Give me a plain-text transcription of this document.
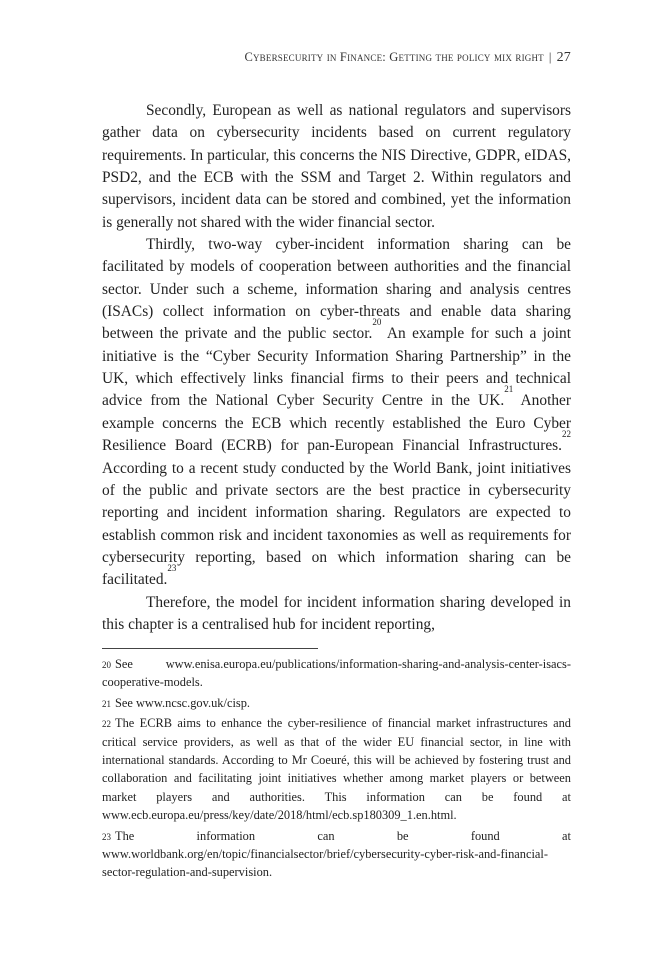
Cybersecurity in Finance: Getting the policy mix right | 27

Secondly, European as well as national regulators and supervisors gather data on cybersecurity incidents based on current regulatory requirements. In particular, this concerns the NIS Directive, GDPR, eIDAS, PSD2, and the ECB with the SSM and Target 2. Within regulators and supervisors, incident data can be stored and combined, yet the information is generally not shared with the wider financial sector.

Thirdly, two-way cyber-incident information sharing can be facilitated by models of cooperation between authorities and the financial sector. Under such a scheme, information sharing and analysis centres (ISACs) collect information on cyber-threats and enable data sharing between the private and the public sector.$^{20}$ An example for such a joint initiative is the “Cyber Security Information Sharing Partnership” in the UK, which effectively links financial firms to their peers and technical advice from the National Cyber Security Centre in the UK.$^{21}$ Another example concerns the ECB which recently established the Euro Cyber Resilience Board (ECRB) for pan-European Financial Infrastructures.$^{22}$ According to a recent study conducted by the World Bank, joint initiatives of the public and private sectors are the best practice in cybersecurity reporting and incident information sharing. Regulators are expected to establish common risk and incident taxonomies as well as requirements for cybersecurity reporting, based on which information sharing can be facilitated.$^{23}$

Therefore, the model for incident information sharing developed in this chapter is a centralised hub for incident reporting,

$^{20}$ See www.enisa.europa.eu/publications/information-sharing-and-analysis-center-isacs-cooperative-models.

$^{21}$ See www.ncsc.gov.uk/cisp.

$^{22}$ The ECRB aims to enhance the cyber-resilience of financial market infrastructures and critical service providers, as well as that of the wider EU financial sector, in line with international standards. According to Mr Coeuré, this will be achieved by fostering trust and collaboration and facilitating joint initiatives whether among market players or between market players and authorities. This information can be found at www.ecb.europa.eu/press/key/date/2018/html/ecb.sp180309_1.en.html.

$^{23}$ The information can be found at www.worldbank.org/en/topic/financialsector/brief/cybersecurity-cyber-risk-and-financial-sector-regulation-and-supervision.
